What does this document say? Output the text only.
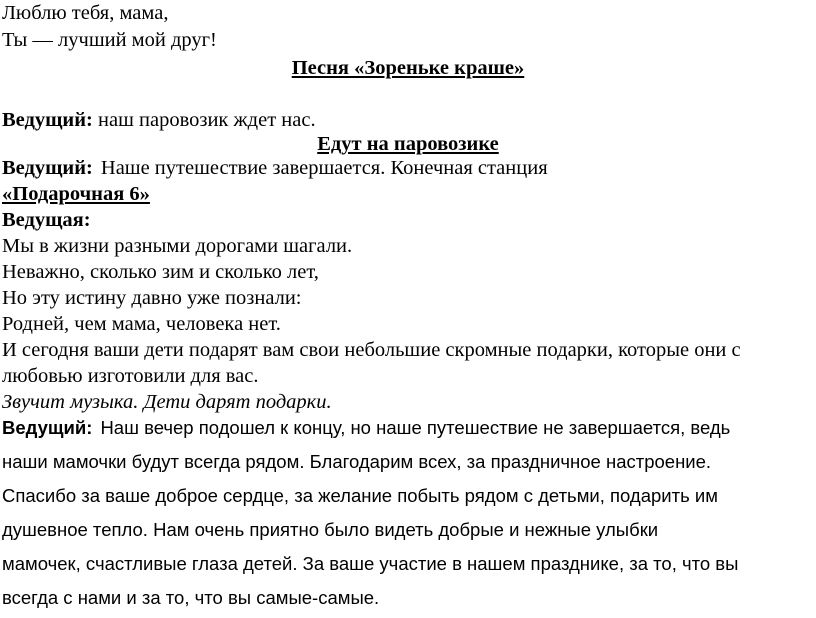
Люблю тебя, мама,
Ты — лучший мой друг!
Песня «Зореньке краше»
Ведущий: наш паровозик ждет нас.
Едут на паровозике
Ведущий: Наше путешествие завершается. Конечная станция
«Подарочная 6»
Ведущая:
Мы в жизни разными дорогами шагали.
Неважно, сколько зим и сколько лет,
Но эту истину давно уже познали:
Родней, чем мама, человека нет.
И сегодня ваши дети подарят вам свои небольшие скромные подарки, которые они с
любовью изготовили для вас.
Звучит музыка. Дети дарят подарки.
Ведущий: Наш вечер подошел к концу, но наше путешествие не завершается, ведь
наши мамочки будут всегда рядом. Благодарим всех, за праздничное настроение.
Спасибо за ваше доброе сердце, за желание побыть рядом с детьми, подарить им
душевное тепло. Нам очень приятно было видеть добрые и нежные улыбки
мамочек, счастливые глаза детей. За ваше участие в нашем празднике, за то, что вы
всегда с нами и за то, что вы самые-самые.
